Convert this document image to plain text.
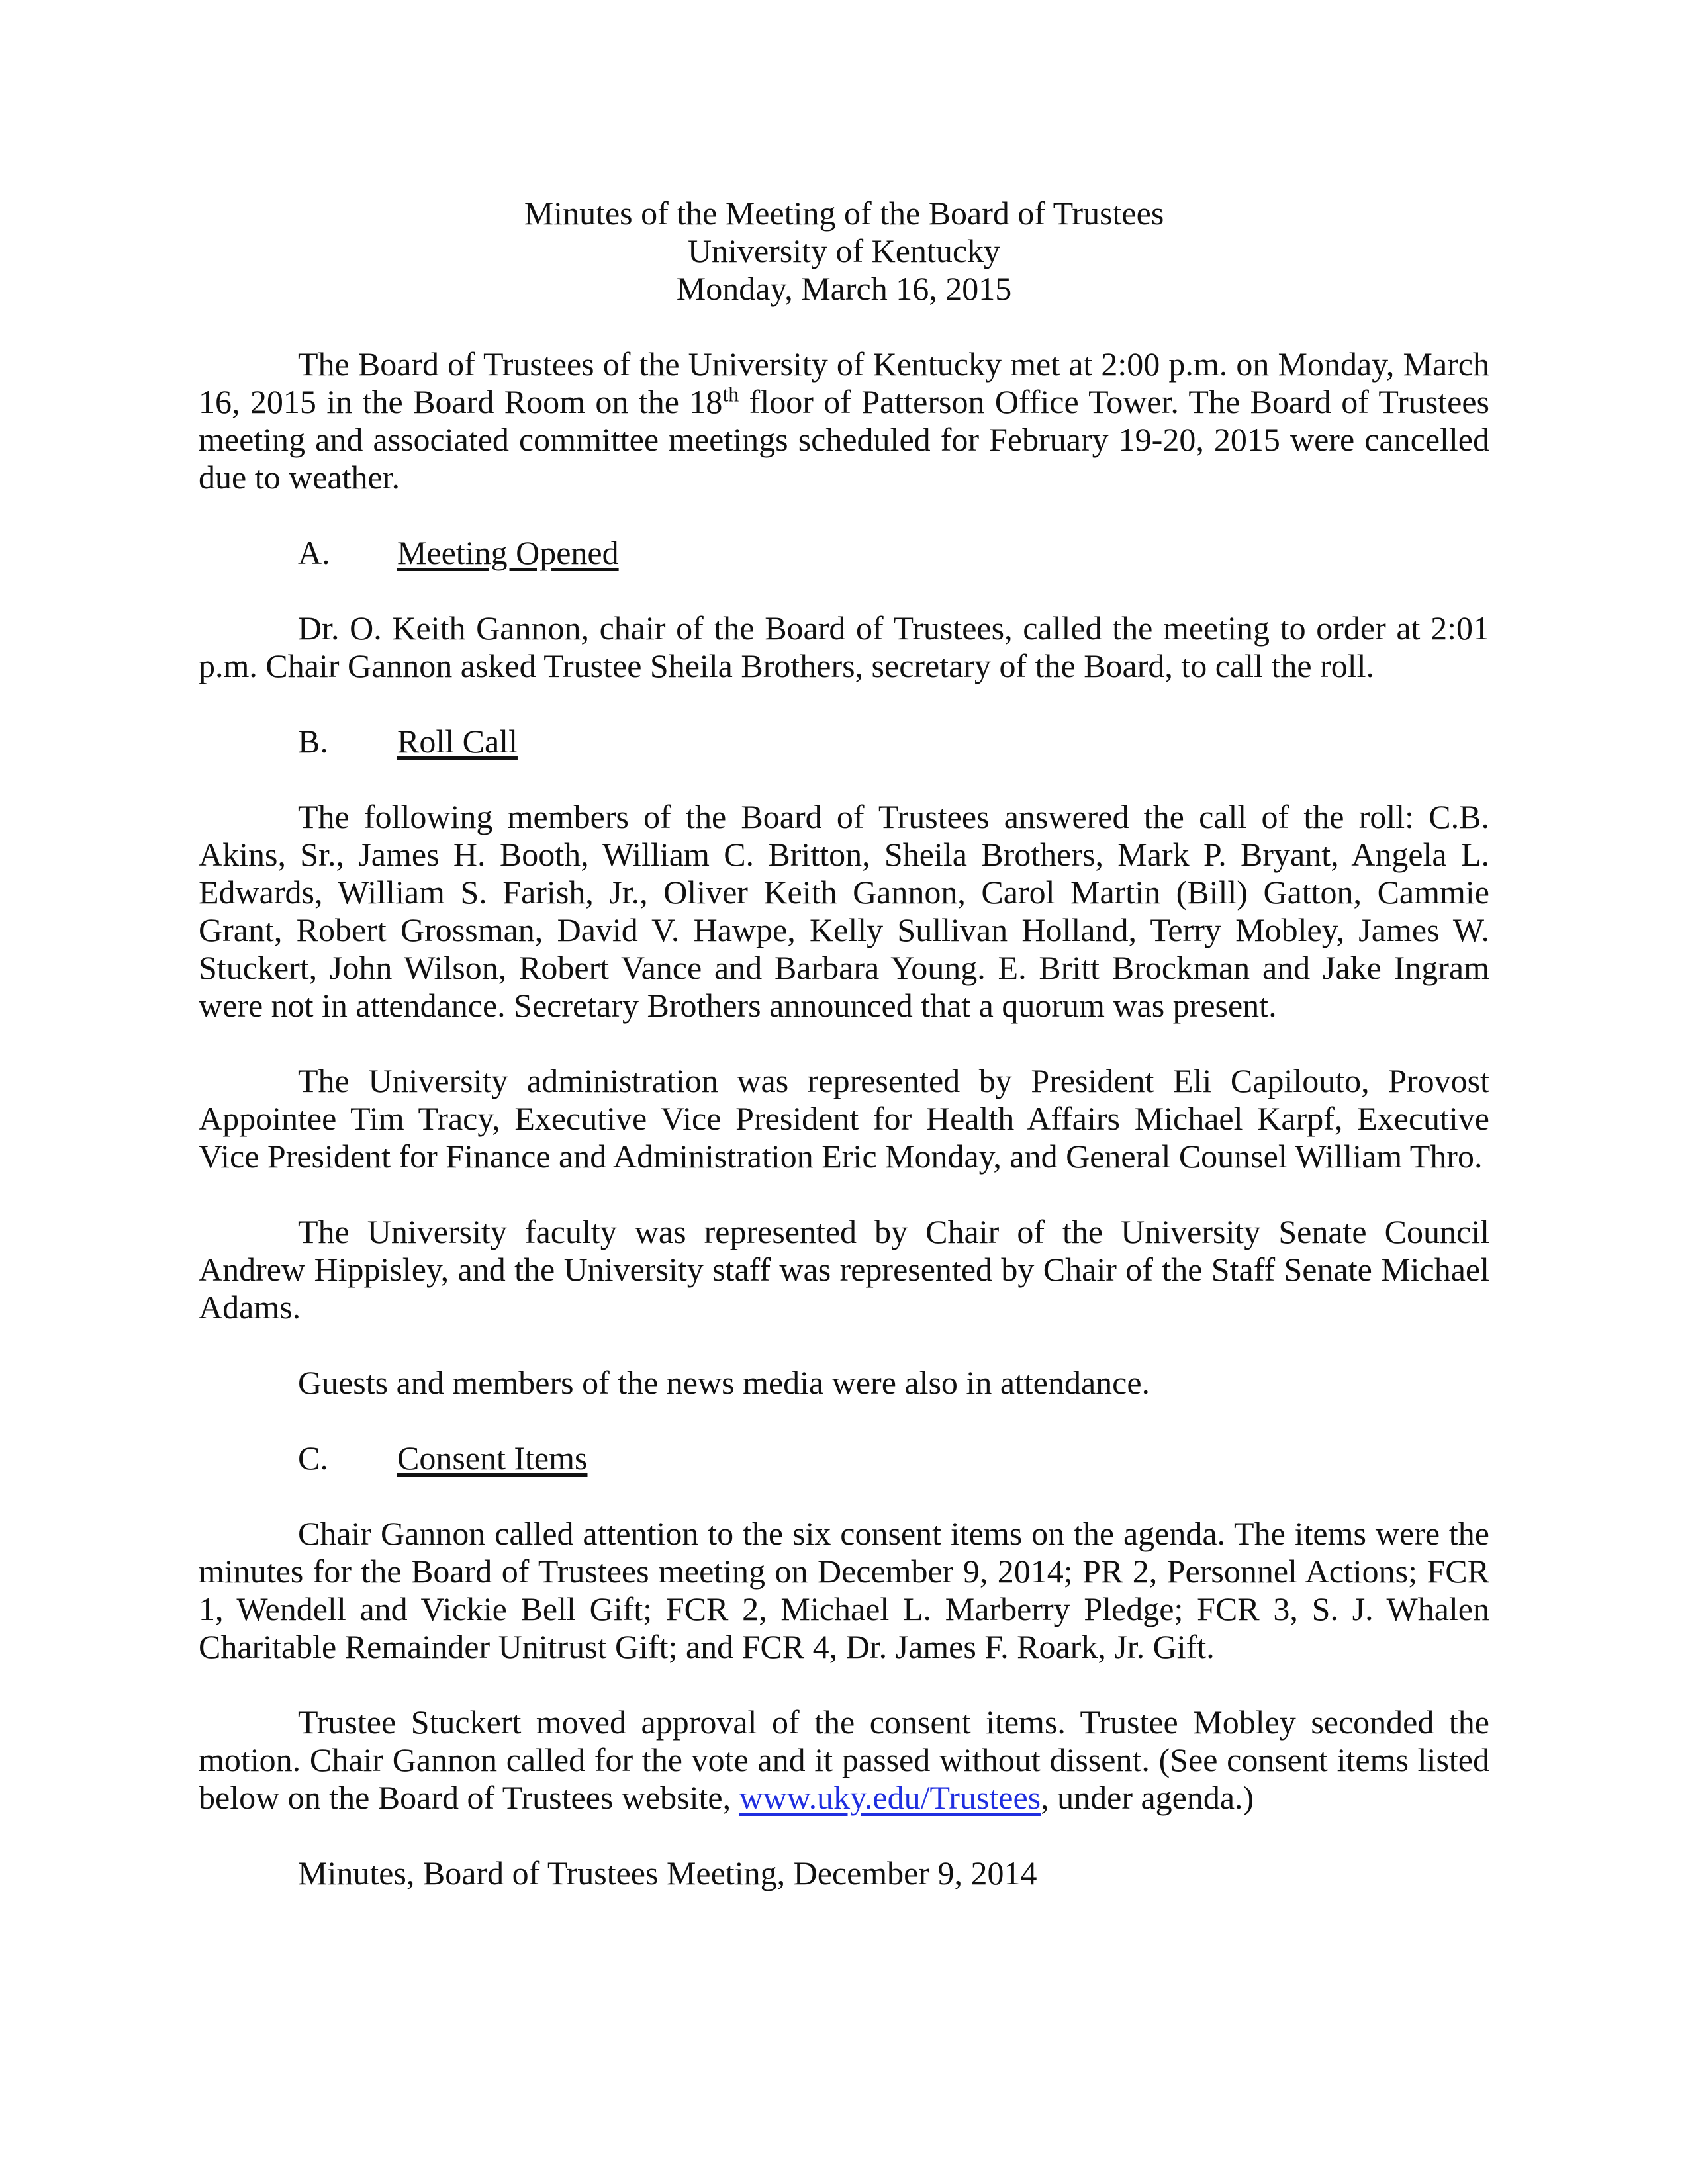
Minutes of the Meeting of the Board of Trustees
University of Kentucky
Monday, March 16, 2015

The Board of Trustees of the University of Kentucky met at 2:00 p.m. on Monday, March 16, 2015 in the Board Room on the 18th floor of Patterson Office Tower. The Board of Trustees meeting and associated committee meetings scheduled for February 19-20, 2015 were cancelled due to weather.

A. Meeting Opened

Dr. O. Keith Gannon, chair of the Board of Trustees, called the meeting to order at 2:01 p.m. Chair Gannon asked Trustee Sheila Brothers, secretary of the Board, to call the roll.

B. Roll Call

The following members of the Board of Trustees answered the call of the roll: C.B. Akins, Sr., James H. Booth, William C. Britton, Sheila Brothers, Mark P. Bryant, Angela L. Edwards, William S. Farish, Jr., Oliver Keith Gannon, Carol Martin (Bill) Gatton, Cammie Grant, Robert Grossman, David V. Hawpe, Kelly Sullivan Holland, Terry Mobley, James W. Stuckert, John Wilson, Robert Vance and Barbara Young. E. Britt Brockman and Jake Ingram were not in attendance. Secretary Brothers announced that a quorum was present.

The University administration was represented by President Eli Capilouto, Provost Appointee Tim Tracy, Executive Vice President for Health Affairs Michael Karpf, Executive Vice President for Finance and Administration Eric Monday, and General Counsel William Thro.

The University faculty was represented by Chair of the University Senate Council Andrew Hippisley, and the University staff was represented by Chair of the Staff Senate Michael Adams.

Guests and members of the news media were also in attendance.

C. Consent Items

Chair Gannon called attention to the six consent items on the agenda. The items were the minutes for the Board of Trustees meeting on December 9, 2014; PR 2, Personnel Actions; FCR 1, Wendell and Vickie Bell Gift; FCR 2, Michael L. Marberry Pledge; FCR 3, S. J. Whalen Charitable Remainder Unitrust Gift; and FCR 4, Dr. James F. Roark, Jr. Gift.

Trustee Stuckert moved approval of the consent items. Trustee Mobley seconded the motion. Chair Gannon called for the vote and it passed without dissent. (See consent items listed below on the Board of Trustees website, www.uky.edu/Trustees, under agenda.)

Minutes, Board of Trustees Meeting, December 9, 2014
